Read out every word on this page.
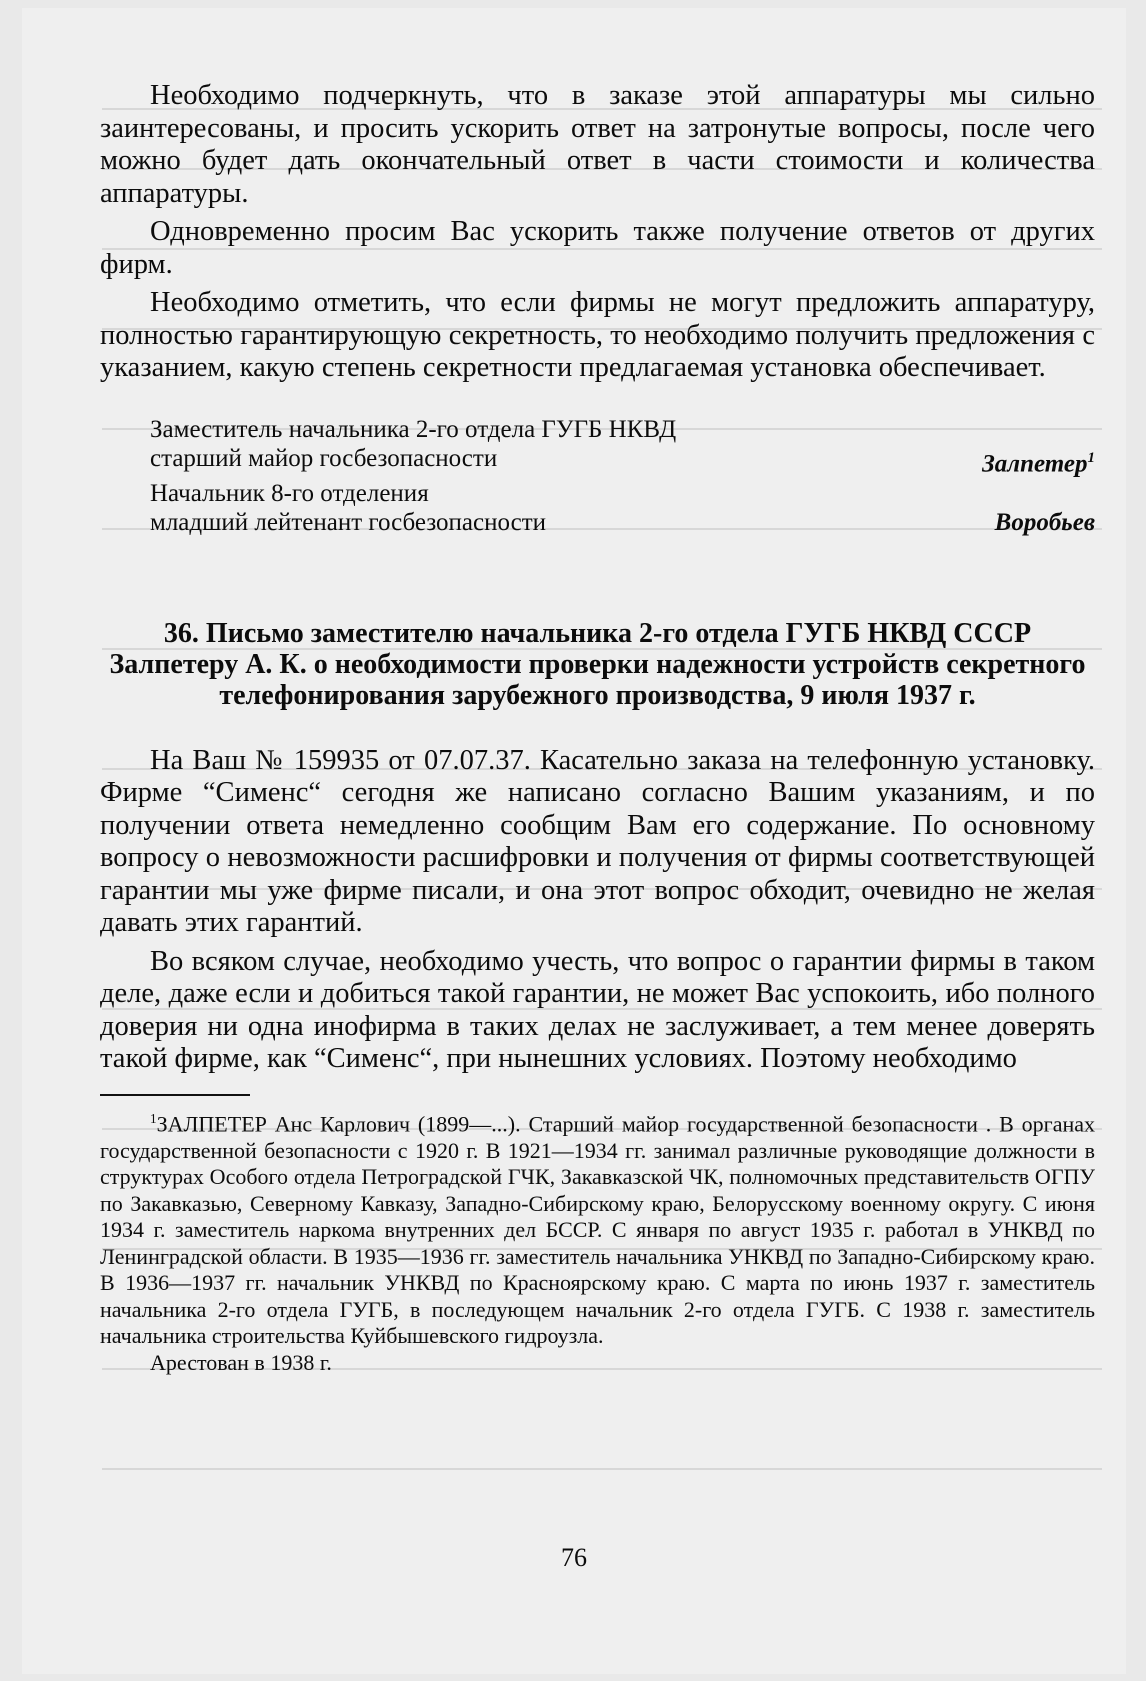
Необходимо подчеркнуть, что в заказе этой аппаратуры мы сильно заинтересованы, и просить ускорить ответ на затронутые вопросы, после чего можно будет дать окончательный ответ в части стоимости и количества аппаратуры.

Одновременно просим Вас ускорить также получение ответов от других фирм.

Необходимо отметить, что если фирмы не могут предложить аппаратуру, полностью гарантирующую секретность, то необходимо получить предложения с указанием, какую степень секретности предлагаемая установка обеспечивает.

Заместитель начальника 2-го отдела ГУГБ НКВД
старший майор госбезопасности	Залпетер$^1$
Начальник 8-го отделения
младший лейтенант госбезопасности	Воробьев
36. Письмо заместителю начальника 2-го отдела ГУГБ НКВД СССР Залпетеру А. К. о необходимости проверки надежности устройств секретного телефонирования зарубежного производства, 9 июля 1937 г.

На Ваш № 159935 от 07.07.37. Касательно заказа на телефонную установку. Фирме “Сименс“ сегодня же написано согласно Вашим указаниям, и по получении ответа немедленно сообщим Вам его содержание. По основному вопросу о невозможности расшифровки и получения от фирмы соответствующей гарантии мы уже фирме писали, и она этот вопрос обходит, очевидно не желая давать этих гарантий.

Во всяком случае, необходимо учесть, что вопрос о гарантии фирмы в таком деле, даже если и добиться такой гарантии, не может Вас успокоить, ибо полного доверия ни одна инофирма в таких делах не заслуживает, а тем менее доверять такой фирме, как “Сименс“, при нынешних условиях. Поэтому необходимо

$^1$ЗАЛПЕТЕР Анс Карлович (1899—...). Старший майор государственной безопасности . В органах государственной безопасности с 1920 г. В 1921—1934 гг. занимал различные руководящие должности в структурах Особого отдела Петроградской ГЧК, Закавказской ЧК, полномочных представительств ОГПУ по Закавказью, Северному Кавказу, Западно-Сибирскому краю, Белорусскому военному округу. С июня 1934 г. заместитель наркома внутренних дел БССР. С января по август 1935 г. работал в УНКВД по Ленинградской области. В 1935—1936 гг. заместитель начальника УНКВД по Западно-Сибирскому краю. В 1936—1937 гг. начальник УНКВД по Красноярскому краю. С марта по июнь 1937 г. заместитель начальника 2-го отдела ГУГБ, в последующем начальник 2-го отдела ГУГБ. С 1938 г. заместитель начальника строительства Куйбышевского гидроузла.

Арестован в 1938 г.

76
